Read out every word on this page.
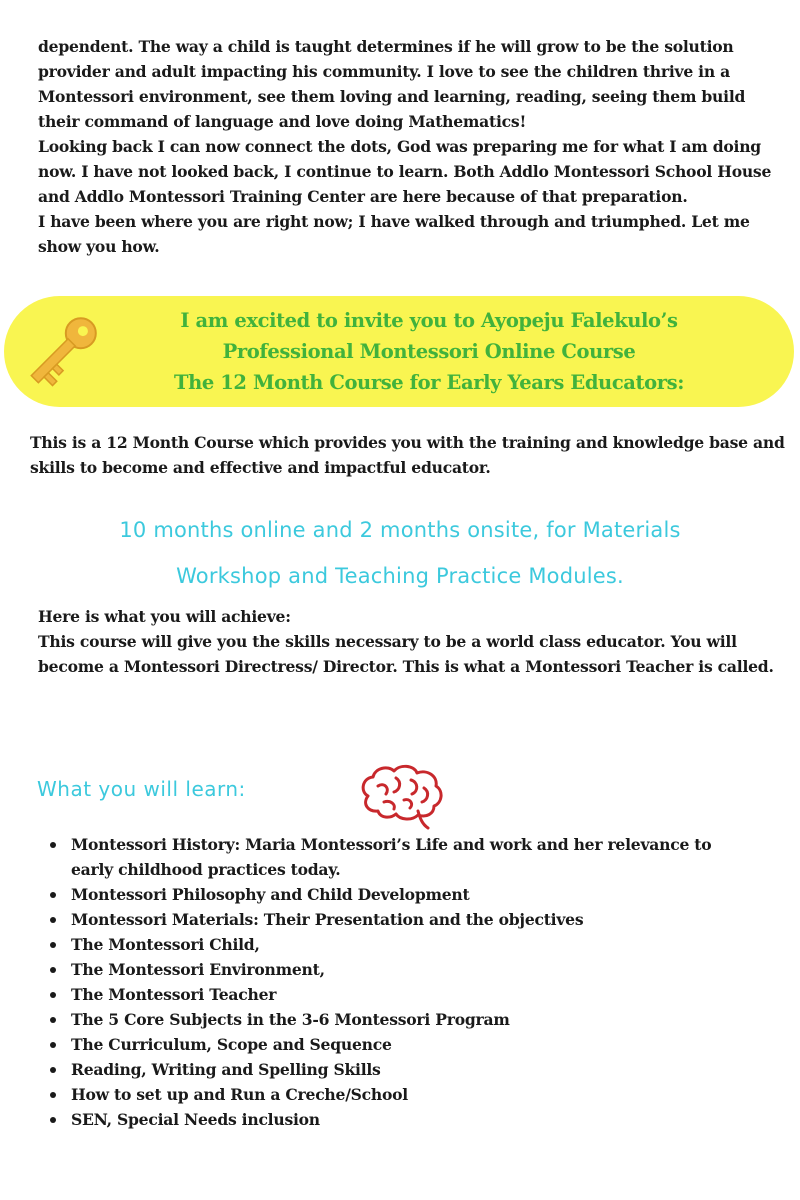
dependent. The way a child is taught determines if he will grow to be the solution provider and adult impacting his community. I love to see the children thrive in a Montessori environment, see them loving and learning, reading, seeing them build their command of language and love doing Mathematics!

Looking back I can now connect the dots, God was preparing me for what I am doing now. I have not looked back, I continue to learn. Both Addlo Montessori School House and Addlo Montessori Training Center are here because of that preparation.

I have been where you are right now; I have walked through and triumphed. Let me show you how.

I am excited to invite you to Ayopeju Falekulo’s
Professional Montessori Online Course
The 12 Month Course for Early Years Educators:

This is a 12 Month Course which provides you with the training and knowledge base and skills to become and effective and impactful educator.

10 months online and 2 months onsite, for Materials
Workshop and Teaching Practice Modules.

Here is what you will achieve:

This course will give you the skills necessary to be a world class educator. You will become a Montessori Directress/ Director. This is what a Montessori Teacher is called.

What you will learn:
Montessori History: Maria Montessori’s Life and work and her relevance to early childhood practices today.
Montessori Philosophy and Child Development
Montessori Materials: Their Presentation and the objectives
The Montessori Child,
The Montessori Environment,
The Montessori Teacher
The 5 Core Subjects in the 3-6 Montessori Program
The Curriculum, Scope and Sequence
Reading, Writing and Spelling Skills
How to set up and Run a Creche/School
SEN, Special Needs inclusion
